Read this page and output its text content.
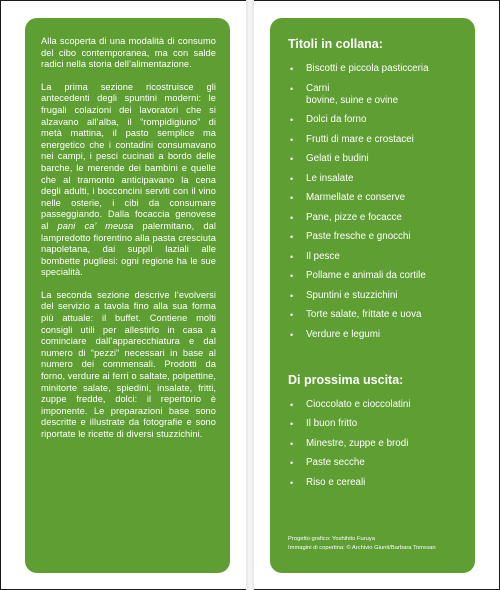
Alla scoperta di una modalità di consumo del cibo contemporanea, ma con salde radici nella storia dell’alimentazione.

La prima sezione ricostruisce gli antecedenti degli spuntini moderni: le frugali colazioni dei lavoratori che si alzavano all’alba, il “rompidigiuno” di metà mattina, il pasto semplice ma energetico che i contadini consumavano nei campi, i pesci cucinati a bordo delle barche, le merende dei bambini e quelle che al tramonto anticipavano la cena degli adulti, i bocconcini serviti con il vino nelle osterie, i cibi da consumare passeggiando. Dalla focaccia genovese al pani ca’ meusa palermitano, dal lampredotto fiorentino alla pasta cresciuta napoletana, dai supplì laziali alle bombette pugliesi: ogni regione ha le sue specialità.

La seconda sezione descrive l’evolversi del servizio a tavola fino alla sua forma più attuale: il buffet. Contiene molti consigli utili per allestirlo in casa a cominciare dall’apparecchiatura e dal numero di “pezzi” necessari in base al numero dei commensali. Prodotti da forno, verdure ai ferri o saltate, polpettine, minitorte salate, spiedini, insalate, fritti, zuppe fredde, dolci: il repertorio è imponente. Le preparazioni base sono descritte e illustrate da fotografie e sono riportate le ricette di diversi stuzzichini.

Titoli in collana:
• Biscotti e piccola pasticceria
• Carni
bovine, suine e ovine
• Dolci da forno
• Frutti di mare e crostacei
• Gelati e budini
• Le insalate
• Marmellate e conserve
• Pane, pizze e focacce
• Paste fresche e gnocchi
• Il pesce
• Pollame e animali da cortile
• Spuntini e stuzzichini
• Torte salate, frittate e uova
• Verdure e legumi
Di prossima uscita:
• Cioccolato e cioccolatini
• Il buon fritto
• Minestre, zuppe e brodi
• Paste secche
• Riso e cereali
Progetto grafico: Yoshihito Furuya
Immagini di copertina: © Archivio Giunti/Barbara Torresan
